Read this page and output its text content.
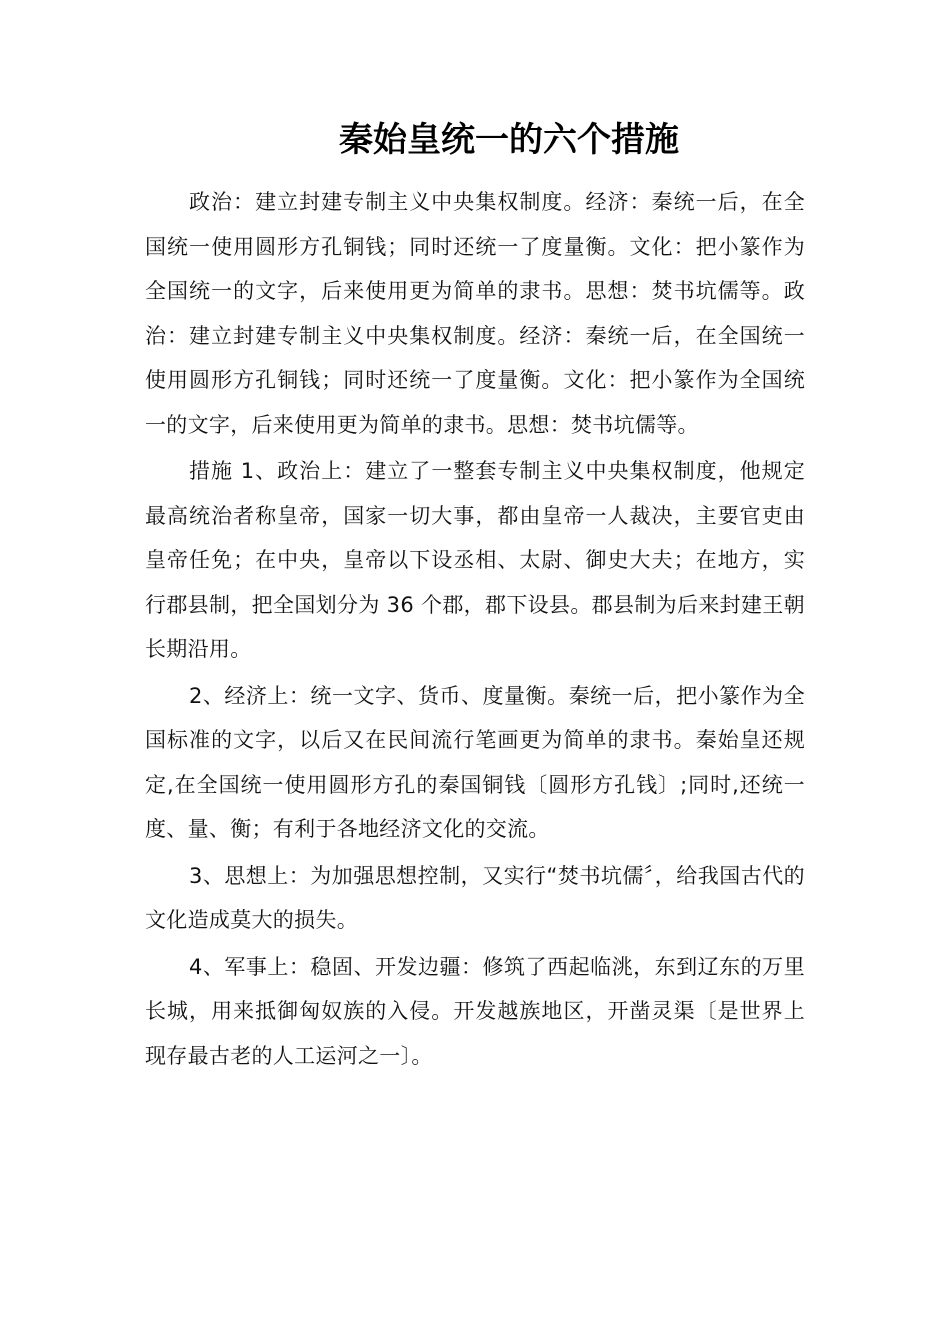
秦始皇统一的六个措施

政治：建立封建专制主义中央集权制度。经济：秦统一后，在全国统一使用圆形方孔铜钱；同时还统一了度量衡。文化：把小篆作为全国统一的文字，后来使用更为简单的隶书。思想：焚书坑儒等。政治：建立封建专制主义中央集权制度。经济：秦统一后，在全国统一使用圆形方孔铜钱；同时还统一了度量衡。文化：把小篆作为全国统一的文字，后来使用更为简单的隶书。思想：焚书坑儒等。

措施 1、政治上：建立了一整套专制主义中央集权制度，他规定最高统治者称皇帝，国家一切大事，都由皇帝一人裁决，主要官吏由皇帝任免；在中央，皇帝以下设丞相、太尉、御史大夫；在地方，实行郡县制，把全国划分为 36 个郡，郡下设县。郡县制为后来封建王朝长期沿用。

2、经济上：统一文字、货币、度量衡。秦统一后，把小篆作为全国标准的文字，以后又在民间流行笔画更为简单的隶书。秦始皇还规定,在全国统一使用圆形方孔的秦国铜钱〔圆形方孔钱〕;同时,还统一度、量、衡；有利于各地经济文化的交流。

3、思想上：为加强思想控制，又实行“焚书坑儒〞，给我国古代的文化造成莫大的损失。

4、军事上：稳固、开发边疆：修筑了西起临洮，东到辽东的万里长城，用来抵御匈奴族的入侵。开发越族地区，开凿灵渠〔是世界上现存最古老的人工运河之一〕。
